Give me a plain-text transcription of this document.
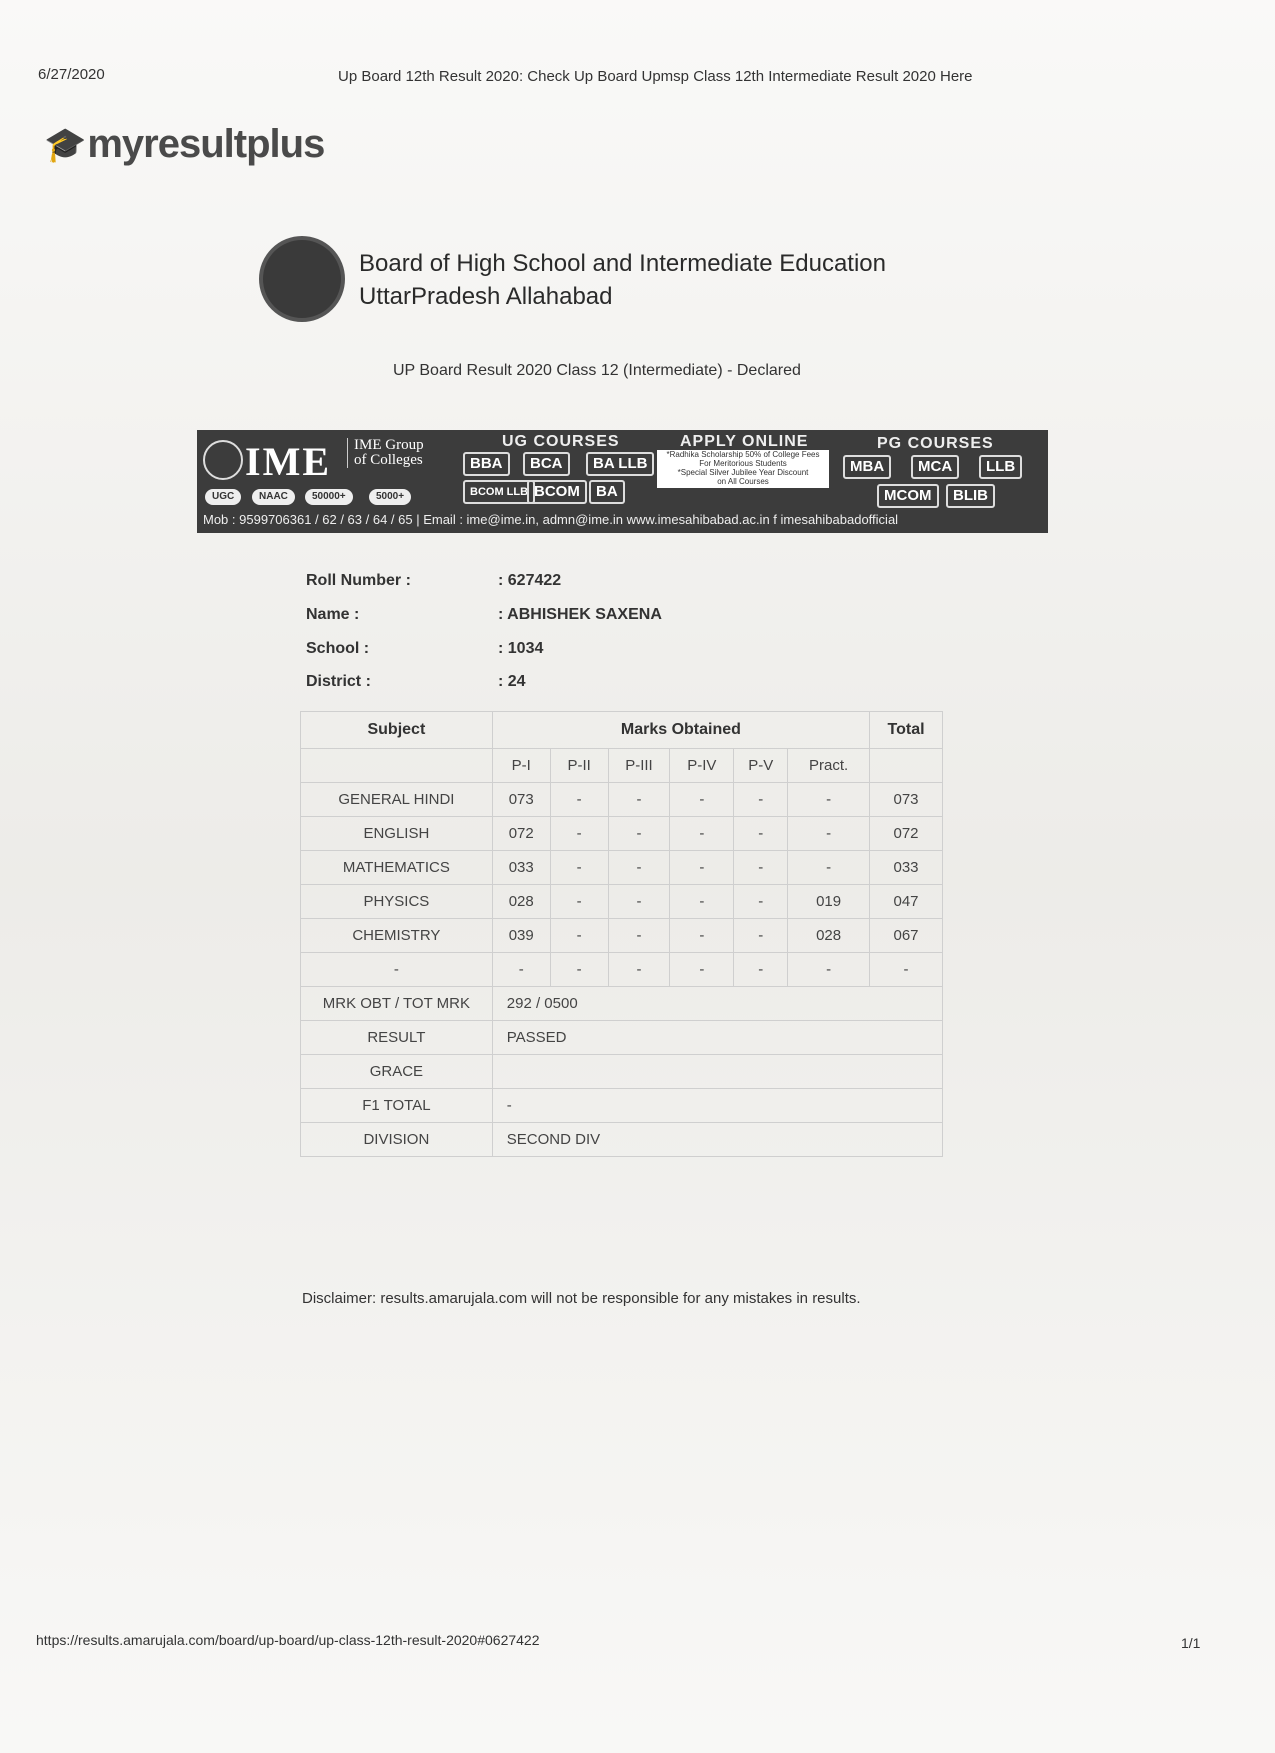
6/27/2020	Up Board 12th Result 2020: Check Up Board Upmsp Class 12th Intermediate Result 2020 Here
🎓 myresultplus
Board of High School and Intermediate Education
UttarPradesh Allahabad
UP Board Result 2020 Class 12 (Intermediate) - Declared
IME IME Group
of Colleges
UGC	NAAC	50000+	5000+
UG COURSES
BBA	BCA	BA LLB
BCOM LLB BCOM	BA
APPLY ONLINE
*Radhika Scholarship 50% of College Fees
For Meritorious Students
*Special Silver Jubilee Year Discount
on All Courses
PG COURSES
MBA	MCA	LLB
MCOM	BLIB
Mob : 9599706361 / 62 / 63 / 64 / 65 | Email : ime@ime.in, admn@ime.in www.imesahibabad.ac.in f imesahibabadofficial
Roll Number :	: 627422
Name :	: ABHISHEK SAXENA
School :	: 1034
District :	: 24
Subject	Marks Obtained						Total
	P-I	P-II	P-III	P-IV	P-V	Pract.	
GENERAL HINDI	073	-	-	-	-	-	073
ENGLISH	072	-	-	-	-	-	072
MATHEMATICS	033	-	-	-	-	-	033
PHYSICS	028	-	-	-	-	019	047
CHEMISTRY	039	-	-	-	-	028	067
-	-	-	-	-	-	-	-
MRK OBT / TOT MRK	292 / 0500						
RESULT	PASSED						
GRACE							
F1 TOTAL	-						
DIVISION	SECOND DIV						
Disclaimer: results.amarujala.com will not be responsible for any mistakes in results.
https://results.amarujala.com/board/up-board/up-class-12th-result-2020#0627422	1/1
